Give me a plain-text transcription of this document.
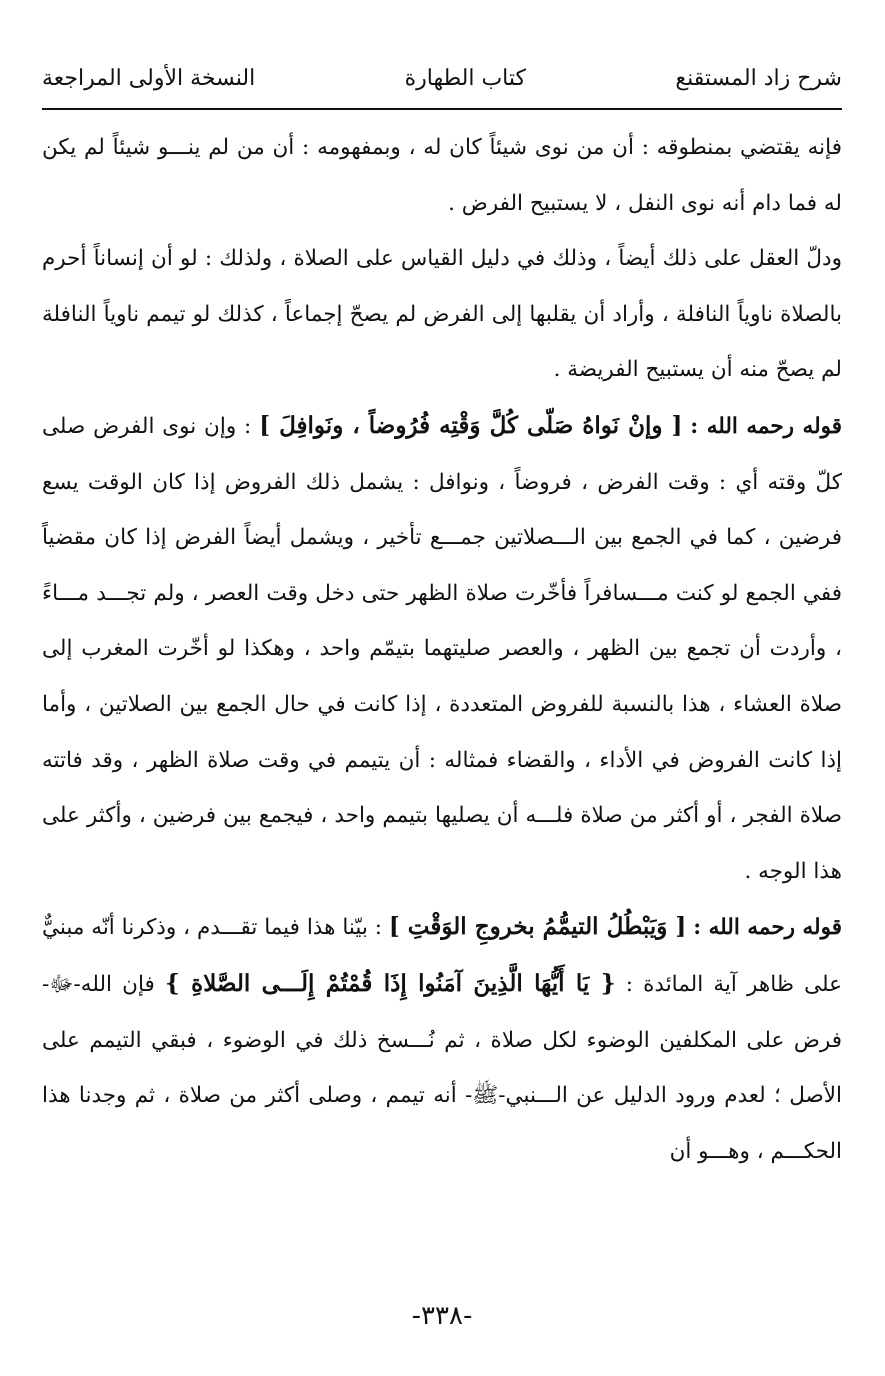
شرح زاد المستقنع
كتاب الطهارة
النسخة الأولى المراجعة

فإنه يقتضي بمنطوقه : أن من نوى شيئاً كان له ، وبمفهومه : أن من لم ينـــو شيئاً لم يكن له فما دام أنه نوى النفل ، لا يستبيح الفرض .

ودلّ العقل على ذلك أيضاً ، وذلك في دليل القياس على الصلاة ، ولذلك : لو أن إنساناً أحرم بالصلاة ناوياً النافلة ، وأراد أن يقلبها إلى الفرض لم يصحّ إجماعاً ، كذلك لو تيمم ناوياً النافلة لم يصحّ منه أن يستبيح الفريضة .

قوله رحمه الله : [ وإنْ نَواهُ صَلّى كُلَّ وَقْتِه فُرُوضاً ، ونَوافِلَ ] : وإن نوى الفرض صلى كلّ وقته أي : وقت الفرض ، فروضاً ، ونوافل : يشمل ذلك الفروض إذا كان الوقت يسع فرضين ، كما في الجمع بين الـــصلاتين جمـــع تأخير ، ويشمل أيضاً الفرض إذا كان مقضياً ففي الجمع لو كنت مـــسافراً فأخّرت صلاة الظهر حتى دخل وقت العصر ، ولم تجـــد مـــاءً ، وأردت أن تجمع بين الظهر ، والعصر صليتهما بتيمّم واحد ، وهكذا لو أخّرت المغرب إلى صلاة العشاء ، هذا بالنسبة للفروض المتعددة ، إذا كانت في حال الجمع بين الصلاتين ، وأما إذا كانت الفروض في الأداء ، والقضاء فمثاله : أن يتيمم في وقت صلاة الظهر ، وقد فاتته صلاة الفجر ، أو أكثر من صلاة فلـــه أن يصليها بتيمم واحد ، فيجمع بين فرضين ، وأكثر على هذا الوجه .

قوله رحمه الله : [ وَيَبْطُلُ التيمُّمُ بخروجِ الوَقْتِ ] : بيّنا هذا فيما تقـــدم ، وذكرنا أنّه مبنيٌّ على ظاهر آية المائدة : { يَا أَيُّهَا الَّذِينَ آمَنُوا إِذَا قُمْتُمْ إِلَـــى الصَّلاةِ } فإن الله-ﷻ- فرض على المكلفين الوضوء لكل صلاة ، ثم نُـــسخ ذلك في الوضوء ، فبقي التيمم على الأصل ؛ لعدم ورود الدليل عن الـــنبي-ﷺ- أنه تيمم ، وصلى أكثر من صلاة ، ثم وجدنا هذا الحكـــم ، وهـــو أن

-٣٣٨-
